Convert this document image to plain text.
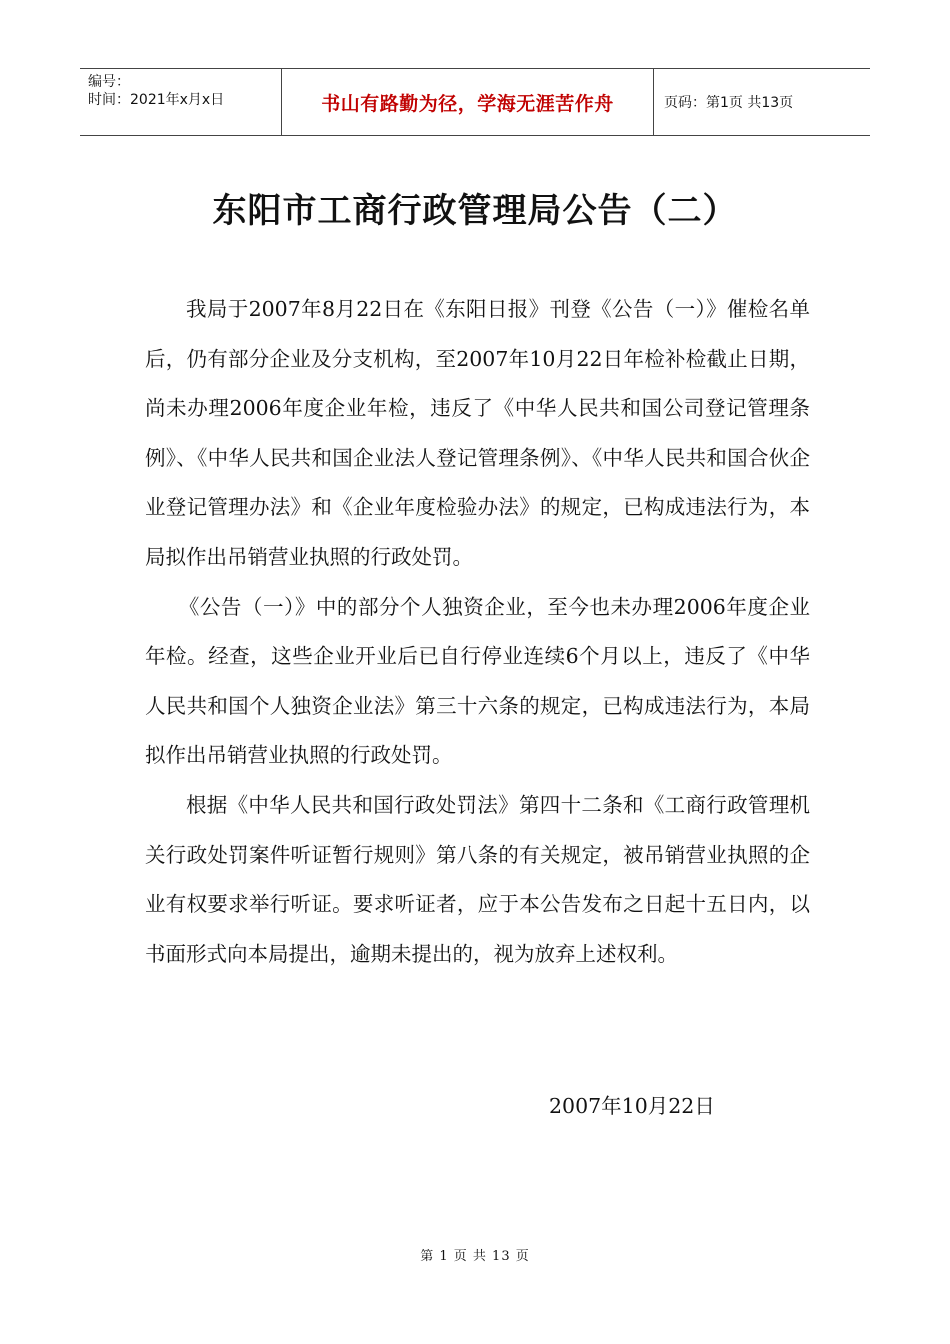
编号：
时间：2021年x月x日	书山有路勤为径，学海无涯苦作舟	页码：第1页 共13页
东阳市工商行政管理局公告（二）

我局于2007年8月22日在《东阳日报》刊登《公告（一）》催检名单后，仍有部分企业及分支机构，至2007年10月22日年检补检截止日期，尚未办理2006年度企业年检，违反了《中华人民共和国公司登记管理条例》、《中华人民共和国企业法人登记管理条例》、《中华人民共和国合伙企业登记管理办法》和《企业年度检验办法》的规定，已构成违法行为，本局拟作出吊销营业执照的行政处罚。

《公告（一）》中的部分个人独资企业，至今也未办理2006年度企业年检。经查，这些企业开业后已自行停业连续6个月以上，违反了《中华人民共和国个人独资企业法》第三十六条的规定，已构成违法行为，本局拟作出吊销营业执照的行政处罚。

根据《中华人民共和国行政处罚法》第四十二条和《工商行政管理机关行政处罚案件听证暂行规则》第八条的有关规定，被吊销营业执照的企业有权要求举行听证。要求听证者，应于本公告发布之日起十五日内，以书面形式向本局提出，逾期未提出的，视为放弃上述权利。

2007年10月22日
第 1 页 共 13 页
